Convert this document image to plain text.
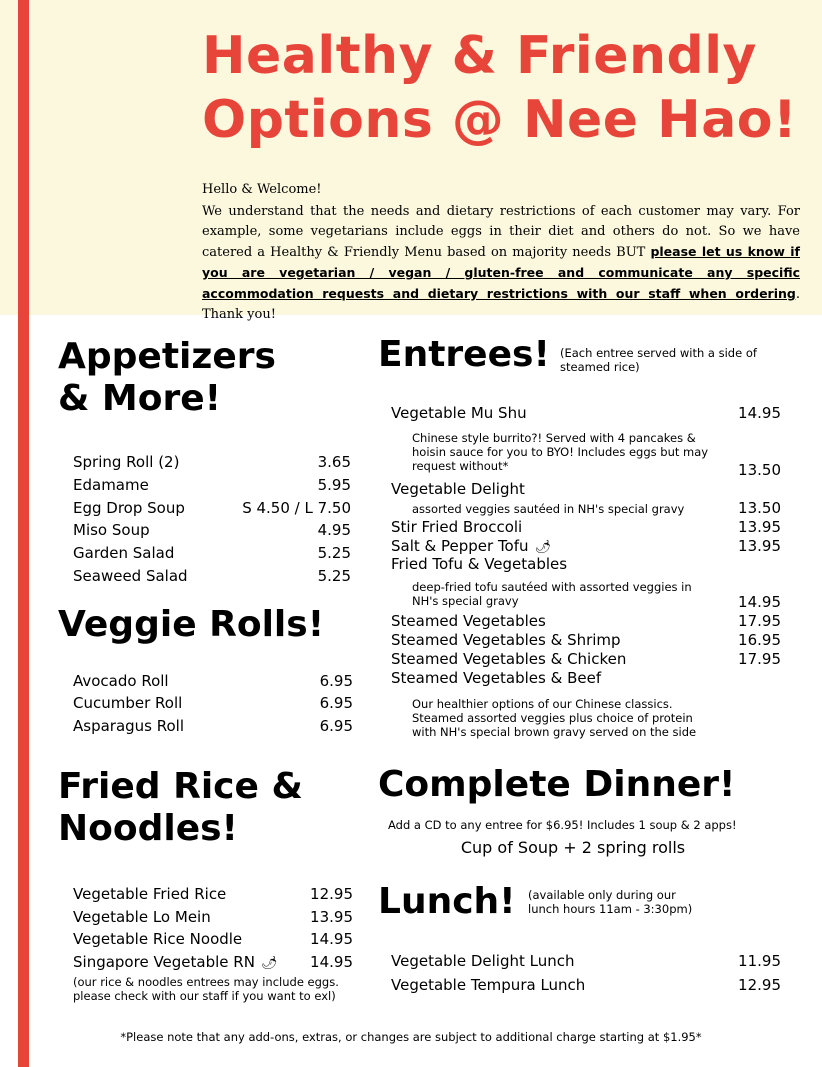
Healthy & Friendly
Options @ Nee Hao!

Hello & Welcome!

We understand that the needs and dietary restrictions of each customer may vary. For example, some vegetarians include eggs in their diet and others do not. So we have catered a Healthy & Friendly Menu based on majority needs BUT please let us know if you are vegetarian / vegan / gluten-free and communicate any specific accommodation requests and dietary restrictions with our staff when ordering. Thank you!

Appetizers
& More!
Spring Roll (2)	3.65
Edamame	5.95
Egg Drop Soup	S 4.50 / L 7.50
Miso Soup	4.95
Garden Salad	5.25
Seaweed Salad	5.25
Veggie Rolls!
Avocado Roll	6.95
Cucumber Roll	6.95
Asparagus Roll	6.95
Fried Rice &
Noodles!
Vegetable Fried Rice	12.95
Vegetable Lo Mein	13.95
Vegetable Rice Noodle	14.95
Singapore Vegetable RN 🌶 14.95
(our rice & noodles entrees may include eggs. please check with our staff if you want to exl)
Entrees! (Each entree served with a side of steamed rice)
Vegetable Mu Shu	14.95
Chinese style burrito?! Served with 4 pancakes & hoisin sauce for you to BYO! Includes eggs but may request without*	13.50
Vegetable Delight
assorted veggies sautéed in NH's special gravy	13.50
Stir Fried Broccoli	13.95
Salt & Pepper Tofu 🌶	13.95
Fried Tofu & Vegetables
deep-fried tofu sautéed with assorted veggies in NH's special gravy	14.95
Steamed Vegetables	17.95
Steamed Vegetables & Shrimp	16.95
Steamed Vegetables & Chicken	17.95
Steamed Vegetables & Beef
Our healthier options of our Chinese classics. Steamed assorted veggies plus choice of protein with NH's special brown gravy served on the side
Complete Dinner!
Add a CD to any entree for $6.95! Includes 1 soup & 2 apps!
Cup of Soup + 2 spring rolls
Lunch! (available only during our lunch hours 11am - 3:30pm)
Vegetable Delight Lunch	11.95
Vegetable Tempura Lunch	12.95
*Please note that any add-ons, extras, or changes are subject to additional charge starting at $1.95*
